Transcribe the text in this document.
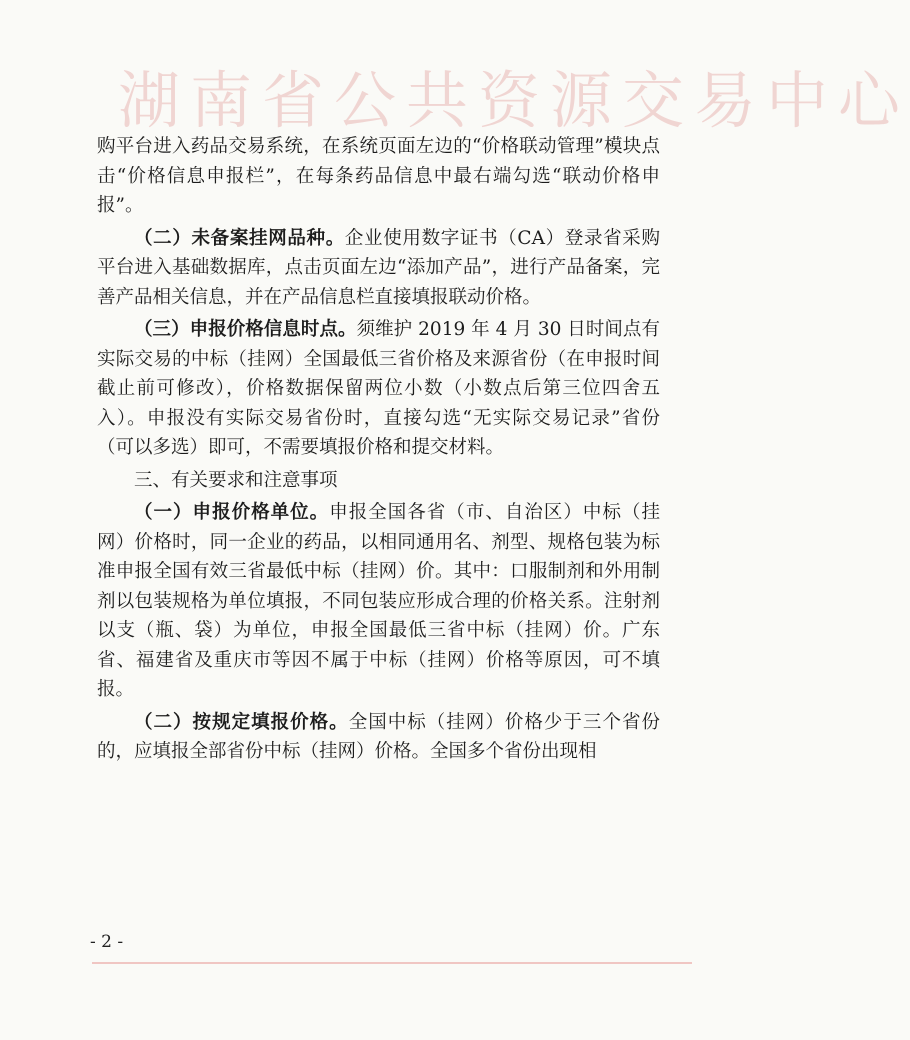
湖南省公共资源交易中心

购平台进入药品交易系统，在系统页面左边的“价格联动管理”模块点击“价格信息申报栏”，在每条药品信息中最右端勾选“联动价格申报”。

（二）未备案挂网品种。企业使用数字证书（CA）登录省采购平台进入基础数据库，点击页面左边“添加产品”，进行产品备案，完善产品相关信息，并在产品信息栏直接填报联动价格。

（三）申报价格信息时点。须维护 2019 年 4 月 30 日时间点有实际交易的中标（挂网）全国最低三省价格及来源省份（在申报时间截止前可修改），价格数据保留两位小数（小数点后第三位四舍五入）。申报没有实际交易省份时，直接勾选“无实际交易记录”省份（可以多选）即可，不需要填报价格和提交材料。

三、有关要求和注意事项

（一）申报价格单位。申报全国各省（市、自治区）中标（挂网）价格时，同一企业的药品，以相同通用名、剂型、规格包装为标准申报全国有效三省最低中标（挂网）价。其中：口服制剂和外用制剂以包装规格为单位填报，不同包装应形成合理的价格关系。注射剂以支（瓶、袋）为单位，申报全国最低三省中标（挂网）价。广东省、福建省及重庆市等因不属于中标（挂网）价格等原因，可不填报。

（二）按规定填报价格。全国中标（挂网）价格少于三个省份的，应填报全部省份中标（挂网）价格。全国多个省份出现相

- 2 -
